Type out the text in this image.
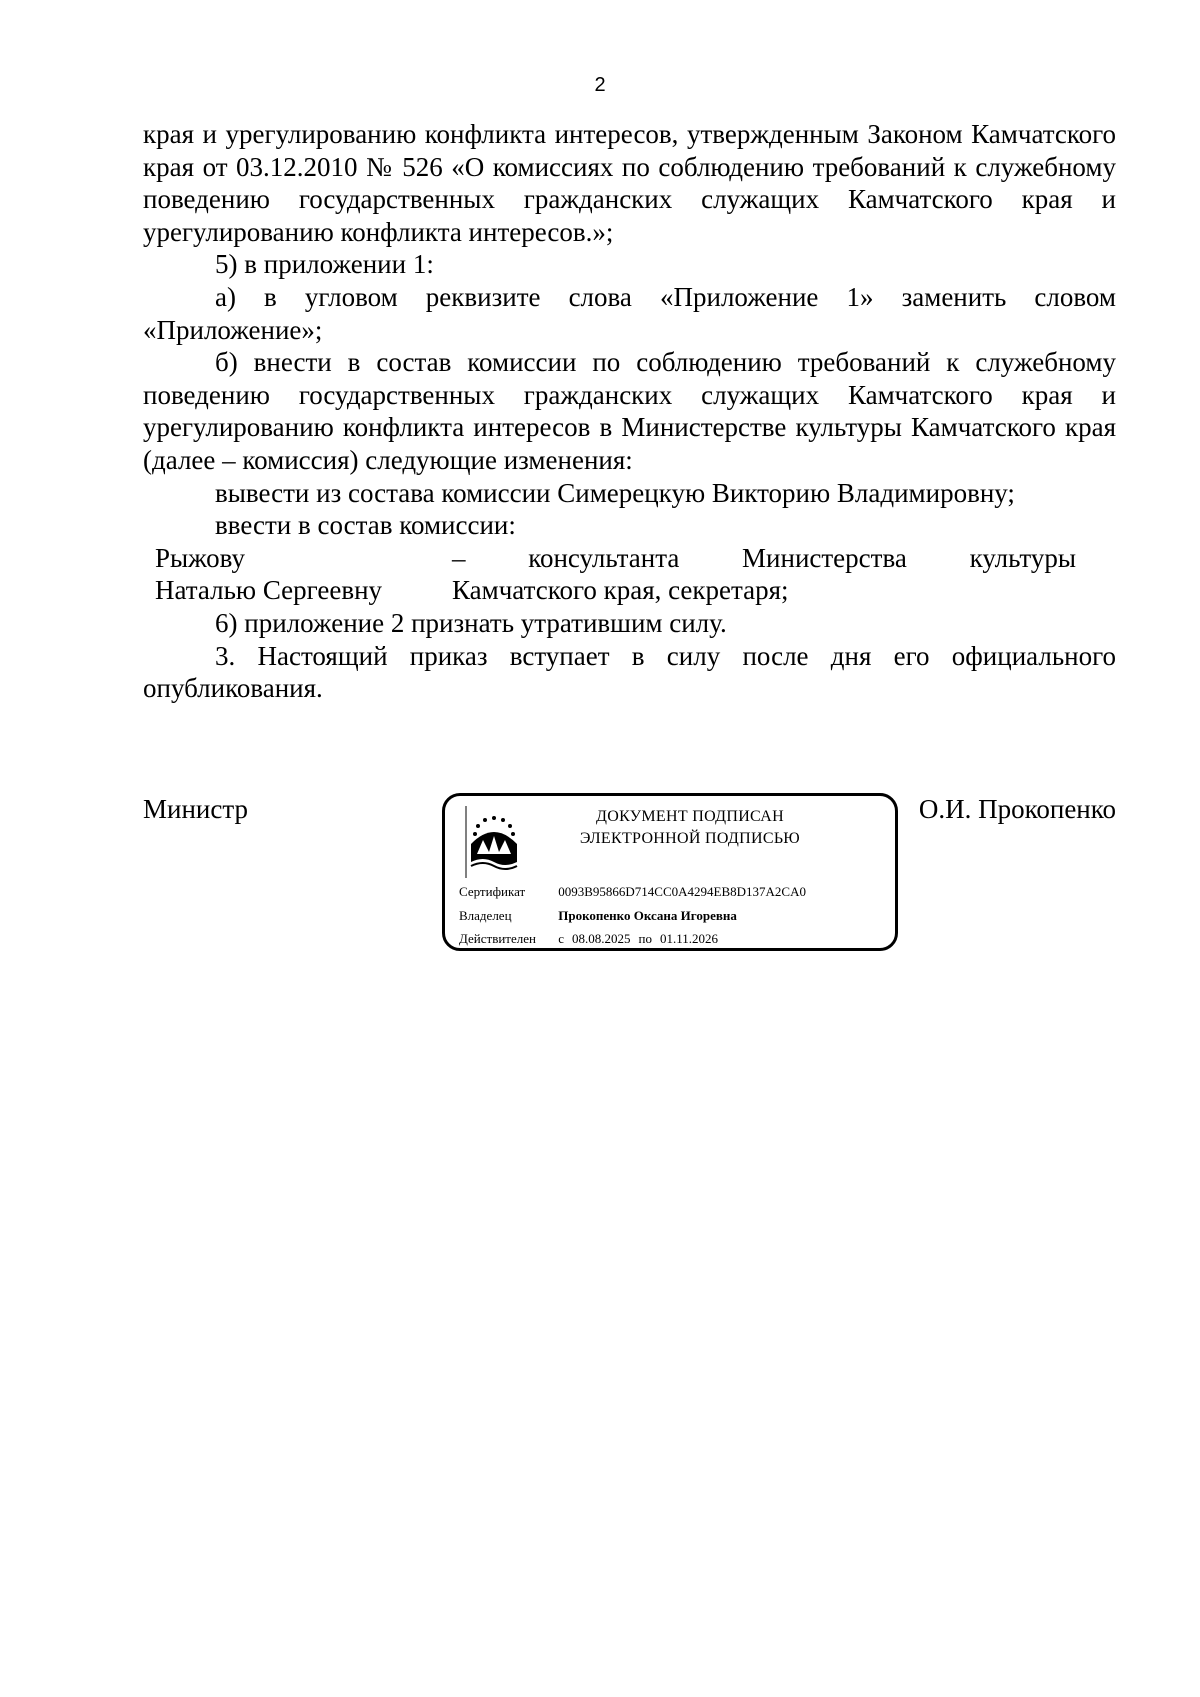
2

края и урегулированию конфликта интересов, утвержденным Законом Камчатского края от 03.12.2010 № 526 «О комиссиях по соблюдению требований к служебному поведению государственных гражданских служащих Камчатского края и урегулированию конфликта интересов.»;

5) в приложении 1:

а) в угловом реквизите слова «Приложение 1» заменить словом «Приложение»;

б) внести в состав комиссии по соблюдению требований к служебному поведению государственных гражданских служащих Камчатского края и урегулированию конфликта интересов в Министерстве культуры Камчатского края (далее – комиссия) следующие изменения:

вывести из состава комиссии Симерецкую Викторию Владимировну;

ввести в состав комиссии:

Рыжову	– консультанта Министерства культуры
Наталью Сергеевну	Камчатского края, секретаря;

6) приложение 2 признать утратившим силу.

3. Настоящий приказ вступает в силу после дня его официального опубликования.

Министр	ДОКУМЕНТ ПОДПИСАН
ЭЛЕКТРОННОЙ ПОДПИСЬЮ
Сертификат	0093B95866D714CC0A4294EB8D137A2CA0
Владелец	Прокопенко Оксана Игоревна
Действителен с 08.08.2025 по 01.11.2026
О.И. Прокопенко
